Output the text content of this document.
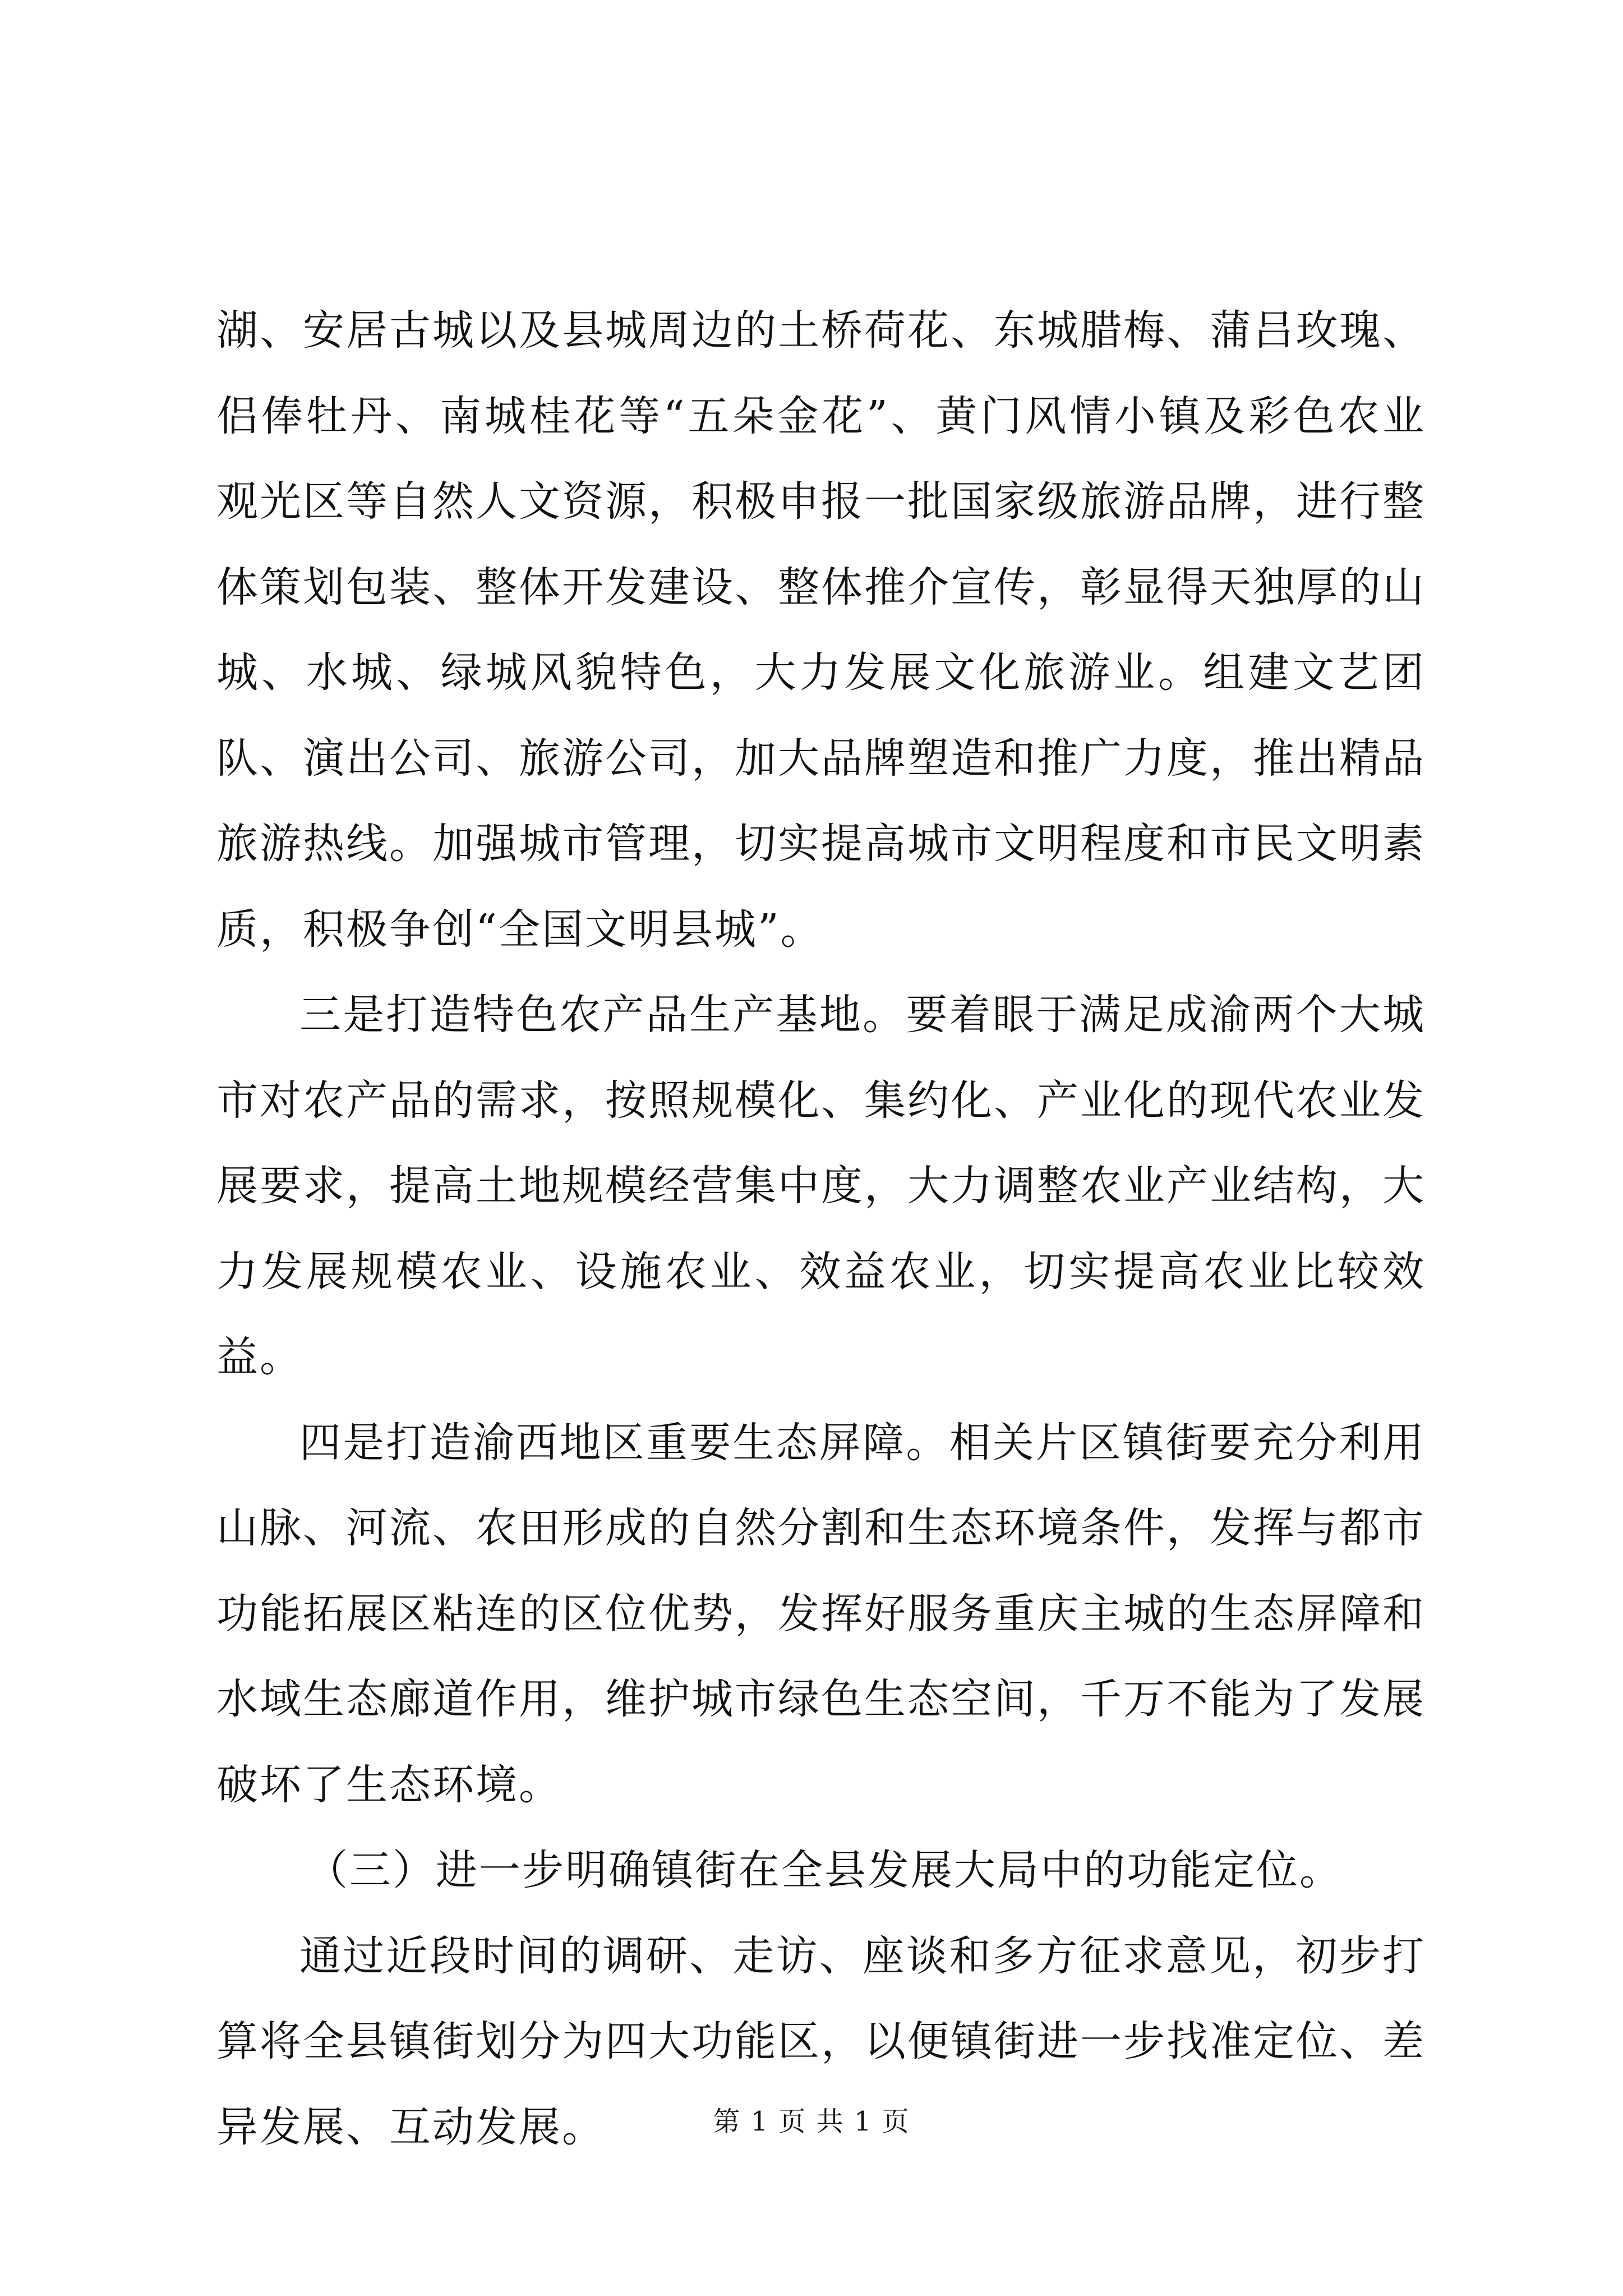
湖、安居古城以及县城周边的土桥荷花、东城腊梅、蒲吕玫瑰、侣俸牡丹、南城桂花等“五朵金花”、黄门风情小镇及彩色农业观光区等自然人文资源，积极申报一批国家级旅游品牌，进行整体策划包装、整体开发建设、整体推介宣传，彰显得天独厚的山城、水城、绿城风貌特色，大力发展文化旅游业。组建文艺团队、演出公司、旅游公司，加大品牌塑造和推广力度，推出精品旅游热线。加强城市管理，切实提高城市文明程度和市民文明素质，积极争创“全国文明县城”。

三是打造特色农产品生产基地。要着眼于满足成渝两个大城市对农产品的需求，按照规模化、集约化、产业化的现代农业发展要求，提高土地规模经营集中度，大力调整农业产业结构，大力发展规模农业、设施农业、效益农业，切实提高农业比较效益。

四是打造渝西地区重要生态屏障。相关片区镇街要充分利用山脉、河流、农田形成的自然分割和生态环境条件，发挥与都市功能拓展区粘连的区位优势，发挥好服务重庆主城的生态屏障和水域生态廊道作用，维护城市绿色生态空间，千万不能为了发展破坏了生态环境。

（三）进一步明确镇街在全县发展大局中的功能定位。

通过近段时间的调研、走访、座谈和多方征求意见，初步打算将全县镇街划分为四大功能区，以便镇街进一步找准定位、差异发展、互动发展。	第 1 页 共 1 页
